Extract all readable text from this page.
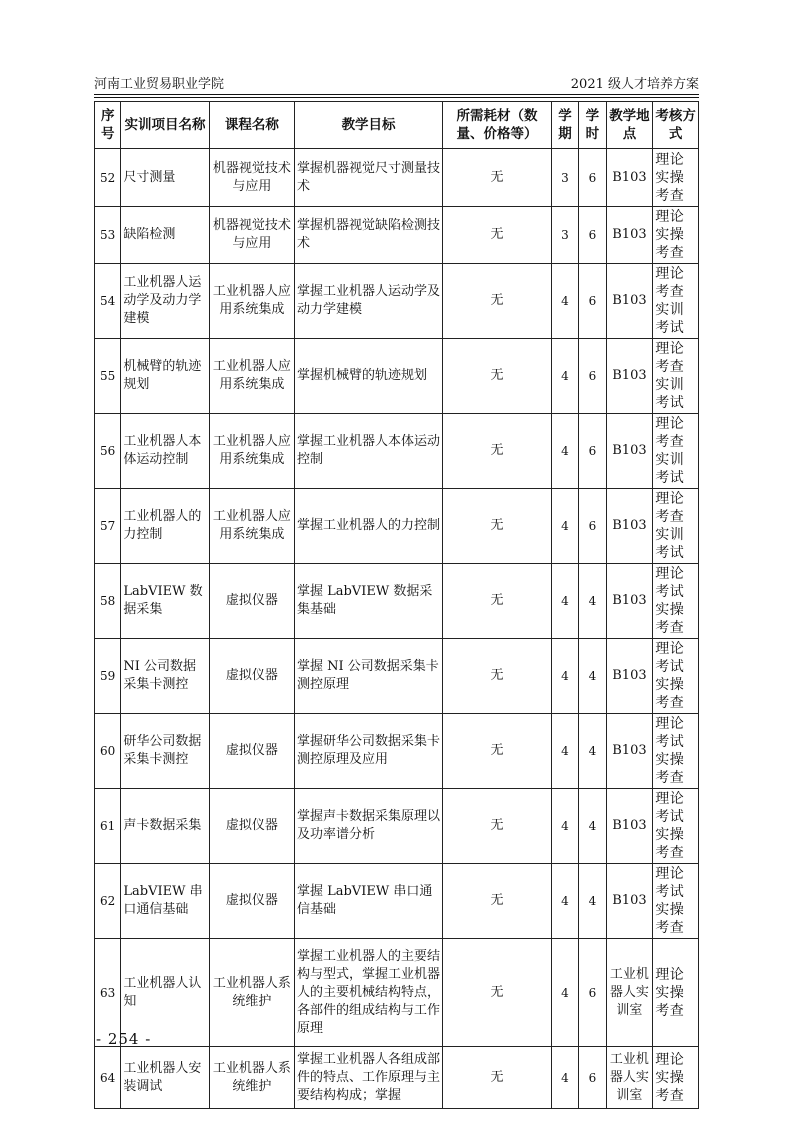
河南工业贸易职业学院	2021 级人才培养方案
序号	实训项目名称	课程名称	教学目标	所需耗材（数量、价格等）	学期	学时	教学地点	考核方式
52	尺寸测量	机器视觉技术与应用	掌握机器视觉尺寸测量技术	无	3	6	B103	理论实操考查
53	缺陷检测	机器视觉技术与应用	掌握机器视觉缺陷检测技术	无	3	6	B103	理论实操考查
54	工业机器人运动学及动力学建模	工业机器人应用系统集成	掌握工业机器人运动学及动力学建模	无	4	6	B103	理论考查实训考试
55	机械臂的轨迹规划	工业机器人应用系统集成	掌握机械臂的轨迹规划	无	4	6	B103	理论考查实训考试
56	工业机器人本体运动控制	工业机器人应用系统集成	掌握工业机器人本体运动控制	无	4	6	B103	理论考查实训考试
57	工业机器人的力控制	工业机器人应用系统集成	掌握工业机器人的力控制	无	4	6	B103	理论考查实训考试
58	LabVIEW 数据采集	虚拟仪器	掌握 LabVIEW 数据采集基础	无	4	4	B103	理论考试实操考查
59	NI 公司数据采集卡测控	虚拟仪器	掌握 NI 公司数据采集卡测控原理	无	4	4	B103	理论考试实操考查
60	研华公司数据采集卡测控	虚拟仪器	掌握研华公司数据采集卡测控原理及应用	无	4	4	B103	理论考试实操考查
61	声卡数据采集	虚拟仪器	掌握声卡数据采集原理以及功率谱分析	无	4	4	B103	理论考试实操考查
62	LabVIEW 串口通信基础	虚拟仪器	掌握 LabVIEW 串口通信基础	无	4	4	B103	理论考试实操考查
63	工业机器人认知	工业机器人系统维护	掌握工业机器人的主要结构与型式，掌握工业机器人的主要机械结构特点，各部件的组成结构与工作原理	无	4	6	工业机器人实训室	理论实操考查
64	工业机器人安装调试	工业机器人系统维护	掌握工业机器人各组成部件的特点、工作原理与主要结构构成；掌握	无	4	6	工业机器人实训室	理论实操考查
- 254 -
